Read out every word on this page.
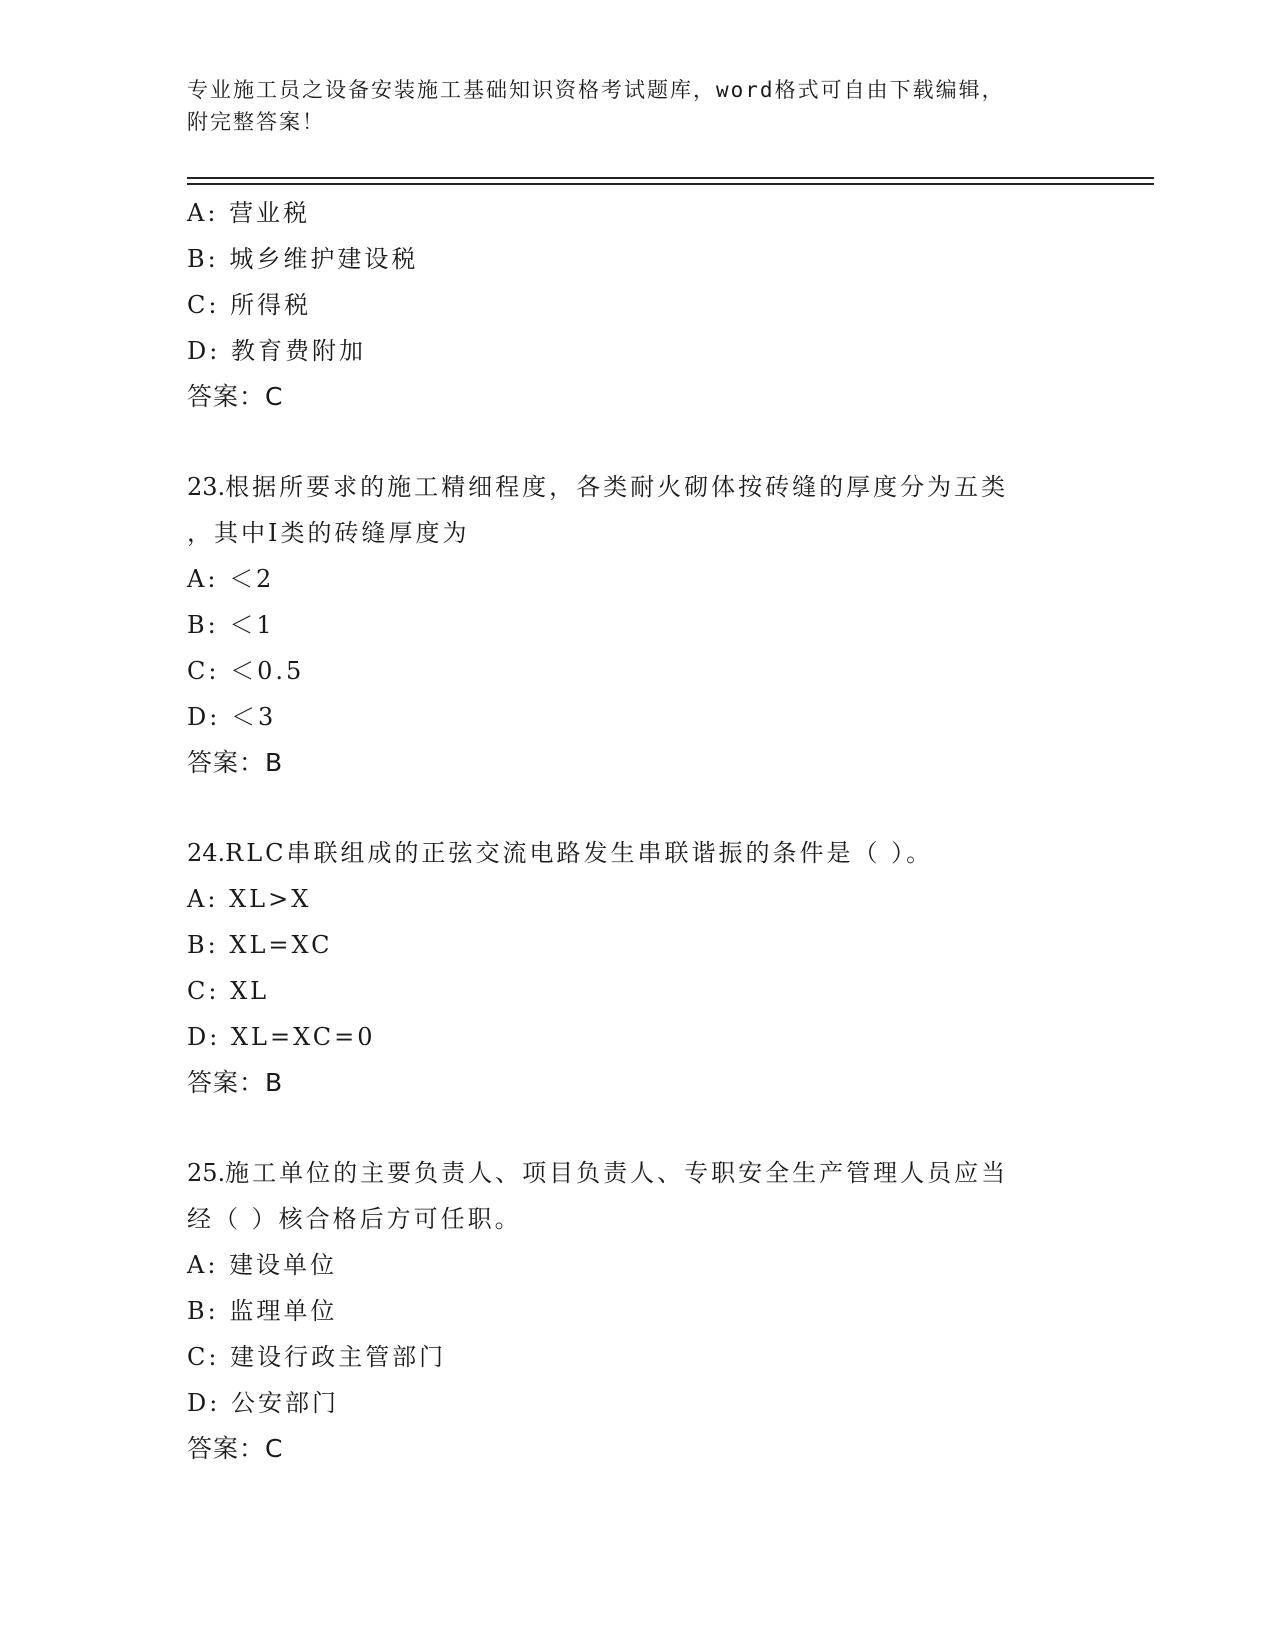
专业施工员之设备安装施工基础知识资格考试题库，word格式可自由下载编辑，
附完整答案！
A: 营业税
B: 城乡维护建设税
C: 所得税
D: 教育费附加
答案：C
23.根据所要求的施工精细程度，各类耐火砌体按砖缝的厚度分为五类
，其中Ⅰ类的砖缝厚度为
A: ＜2
B: ＜1
C: ＜0.5
D: ＜3
答案：B
24.RLC串联组成的正弦交流电路发生串联谐振的条件是（ ）。
A: XL>X
B: XL=XC
C: XL
D: XL=XC=0
答案：B
25.施工单位的主要负责人、项目负责人、专职安全生产管理人员应当
经（ ）核合格后方可任职。
A: 建设单位
B: 监理单位
C: 建设行政主管部门
D: 公安部门
答案：C
